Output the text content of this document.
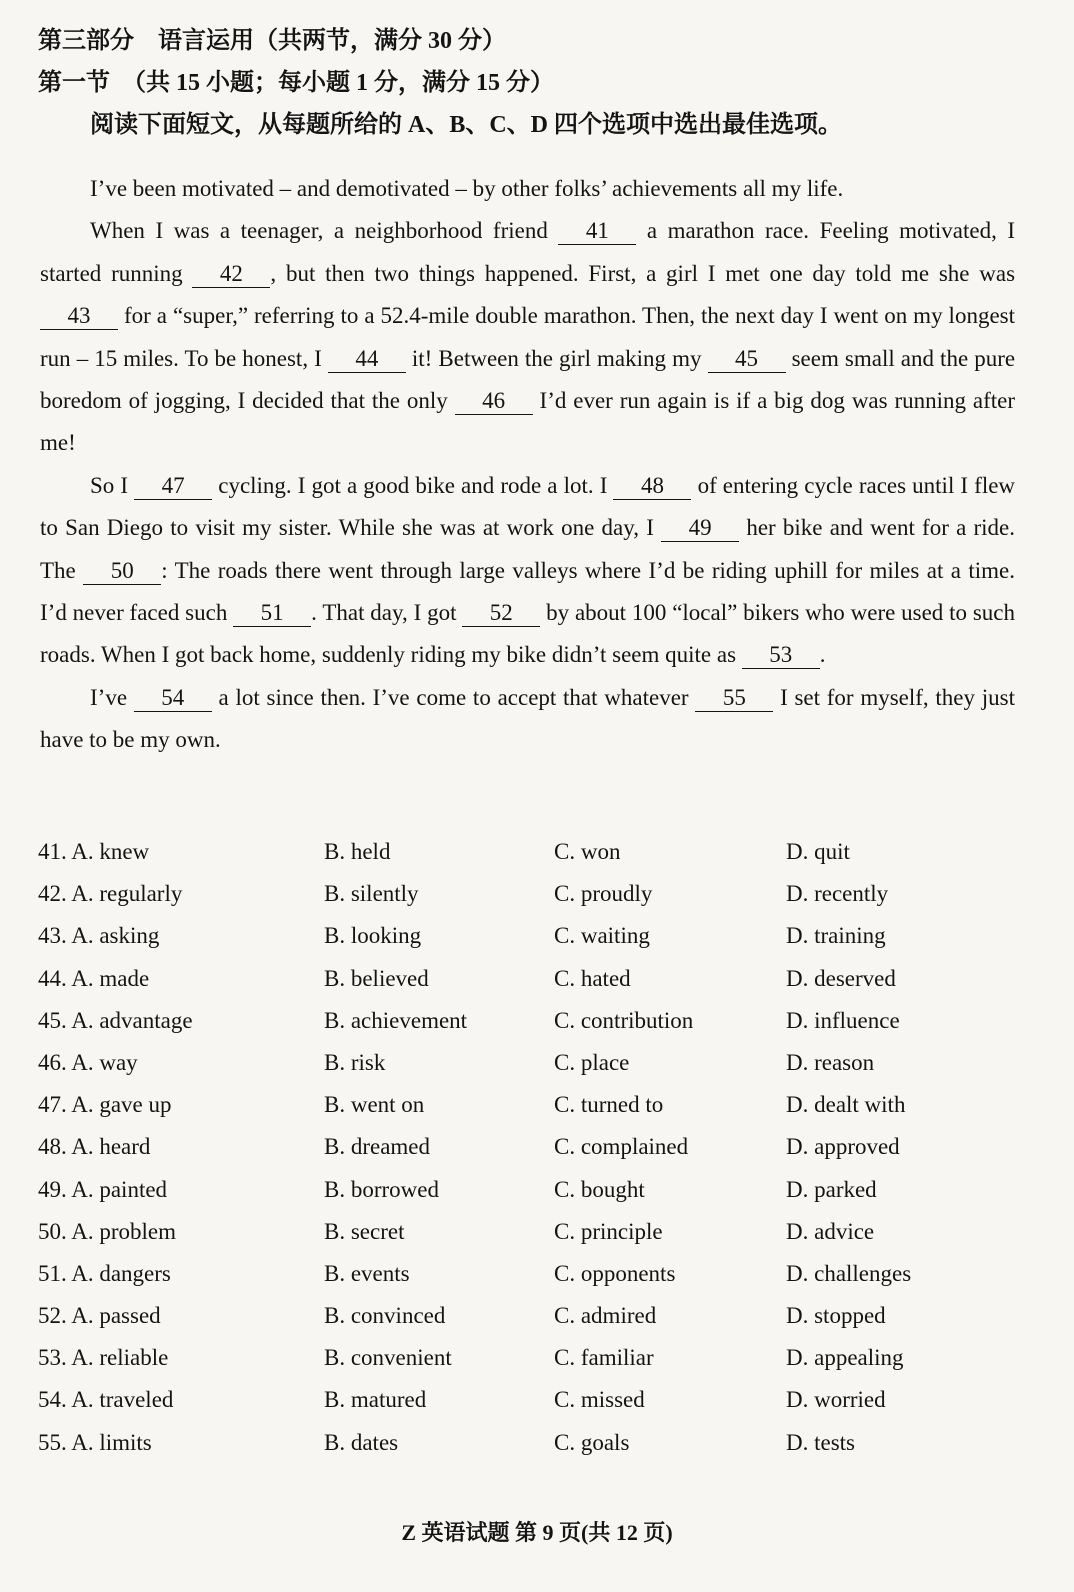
第三部分　语言运用（共两节，满分 30 分）
第一节　（共 15 小题；每小题 1 分，满分 15 分）
阅读下面短文，从每题所给的 A、B、C、D 四个选项中选出最佳选项。

I’ve been motivated – and demotivated – by other folks’ achievements all my life.

When I was a teenager, a neighborhood friend 41 a marathon race. Feeling motivated, I started running 42 , but then two things happened. First, a girl I met one day told me she was 43 for a “super,” referring to a 52.4-mile double marathon. Then, the next day I went on my longest run – 15 miles. To be honest, I 44 it! Between the girl making my 45 seem small and the pure boredom of jogging, I decided that the only 46 I’d ever run again is if a big dog was running after me!

So I 47 cycling. I got a good bike and rode a lot. I 48 of entering cycle races until I flew to San Diego to visit my sister. While she was at work one day, I 49 her bike and went for a ride. The 50 : The roads there went through large valleys where I’d be riding uphill for miles at a time. I’d never faced such 51 . That day, I got 52 by about 100 “local” bikers who were used to such roads. When I got back home, suddenly riding my bike didn’t seem quite as 53 .

I’ve 54 a lot since then. I’ve come to accept that whatever 55 I set for myself, they just have to be my own.

41. A. knew	B. held	C. won	D. quit
42. A. regularly	B. silently	C. proudly	D. recently
43. A. asking	B. looking	C. waiting	D. training
44. A. made	B. believed	C. hated	D. deserved
45. A. advantage	B. achievement	C. contribution	D. influence
46. A. way	B. risk	C. place	D. reason
47. A. gave up	B. went on	C. turned to	D. dealt with
48. A. heard	B. dreamed	C. complained	D. approved
49. A. painted	B. borrowed	C. bought	D. parked
50. A. problem	B. secret	C. principle	D. advice
51. A. dangers	B. events	C. opponents	D. challenges
52. A. passed	B. convinced	C. admired	D. stopped
53. A. reliable	B. convenient	C. familiar	D. appealing
54. A. traveled	B. matured	C. missed	D. worried
55. A. limits	B. dates	C. goals	D. tests
Z 英语试题 第 9 页(共 12 页)
